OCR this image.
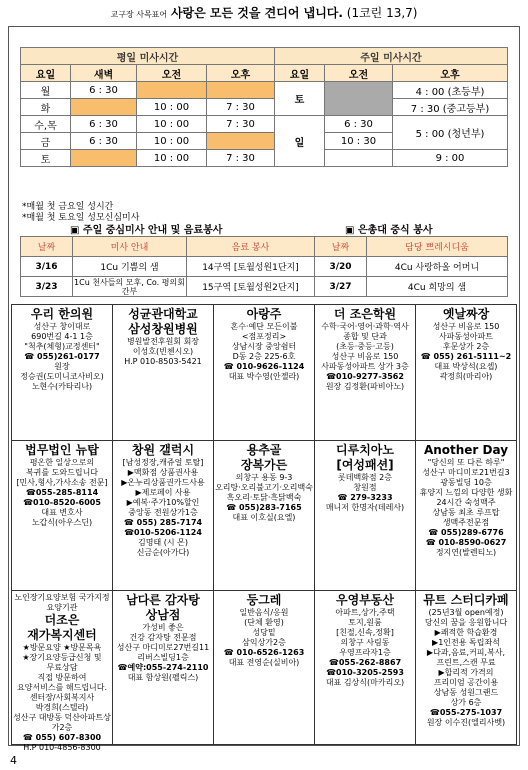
교구장 사목표어 사랑은 모든 것을 견디어 냅니다. (1코린 13,7)
평일 미사시간				주일 미사시간		
요일	새벽	오전	오후	요일	오전	오후
월	6 : 30			토		4 : 00 (초등부)
화		10 : 00	7 : 30			7 : 30 (중고등부)
수,목	6 : 30	10 : 00	7 : 30	일	6 : 30	5 : 00 (청년부)
금	6 : 30	10 : 00			10 : 30	
토		10 : 00	7 : 30			9 : 00
*매월 첫 금요일 성시간
*매월 첫 토요일 성모신심미사
▣ 주일 중심미사 안내 및 음료봉사	▣ 은총대 중식 봉사
날짜	미사 안내	음료 봉사	날짜	담당 쁘레시디움
3/16	1Cu 기쁨의 샘	14구역 [토월성원1단지]	3/20	4Cu 사랑하올 어머니
3/23	1Cu 천사들의 모후, Co. 평의회 간부	15구역 [토월성원2단지]	3/27	4Cu 희망의 샘
우리 한의원
성산구 창이대로
690번길 4-1 1층
"척추(체형)교정센터"
☎ 055)261-0177
원장
정승권(도미니코사비오)
노현수(카타리나)
성균관대학교
삼성창원병원
병원발전후원회 회장
이성호(빈첸시오)
H.P 010-8503-5421
아랑주
혼수·예단 모든이불
<점포정리>
상남시장 중앙쉼터
D동 2층 225-6호
☎ 010-9626-1124
대표 박수영(안젤라)
더 조은학원
수학·국어·영어·과학·역사
종합 및 단과
(초등·중등·고등)
성산구 비음로 150
사파동성아파트 상가 3층
☎010-9277-3562
원장 김정환(파비아노)
옛날짜장
성산구 비음로 150
사파동성아파트
후문상가 2층
☎ 055) 261-5111~2
대표 박상석(요셉)
곽정희(마리아)
법무법인 뉴탑
평온한 일상으로의
복귀를 도와드립니다
[민사,형사,가사소송 전문]
☎055-285-8114
☎010-8520-6005
대표 변호사
노갑식(아우스딘)
창원 갤럭시
[남성정장,캐쥬얼 토탈]
▶맥화점 상품권사용
▶온누리상품권카드사용
▶제로페이 사용
▶예복·주가10%할인
중앙동 전원상가1층
☎ 055) 285-7174
☎010-5206-1124
김명태 (시 몬)
신금순(아가다)
용추골
장복가든
의창구 용동 9-3
오리탕·오리불고기·오리백숙
흑오리·토닭·흑닭백숙
☎ 055)283-7165
대표 이호실(요엘)
디루치아노
[여성패션]
롯데백화점 2층
창원점
☎ 279-3233
매니저 한명자(데레사)
Another Day
"당신의 또 다른 하루"
성산구 마디미로21번길3
광동빌딩 10층
휴양지 느낌의 다양한 생화
24시간 숙성맥주
상남동 최초 루프탑
생맥주전문점
☎ 055)289-6776
☎ 010-8590-0627
정지연(발렌티노)
노인장기요양보험 국가지정요양기관
더조은
재가복지센터
★방문요양 ★방문목욕
★장기요양등급신청 및
무료상담
직접 방문하여
요양서비스를 해드립니다.
센터장/사회복지사
박경희(스텔라)
성산구 대방동 덕산아파트상가2층
☎ 055) 607-8300
H.P 010-4856-8300
남다른 감자탕
상남점
가성비 좋은
건강 감자탕 전문점
성산구 마디미로27번길11
리버스빌딩1층
☎예약:055-274-2110
대표 함상원(펠릭스)
둥그레
일반음식/응원
(단체 환영)
성당밑
삼익상가2층
☎ 010-6526-1263
대표 전영순(실비아)
우영부동산
아파트,상가,주택
토지,원룸
[친절,신속,정확]
의창구 사림동
우영프라자1층
☎055-262-8867
☎010-3205-2593
대표 김상식(마카리오)
뮤트 스터디카페
(25년3월 open예정)
당신의 꿈을 응원합니다
▶쾌적한 학습환경
▶1인전용 독립좌석
▶다과,음료,커피,복사,
프린트,스캔 무료
▶합리적 가격의
프리미엄 공간이용
상남동 성원그랜드
상가 6층
☎055-275-1037
원장 이수진(엘리사벳)
4
